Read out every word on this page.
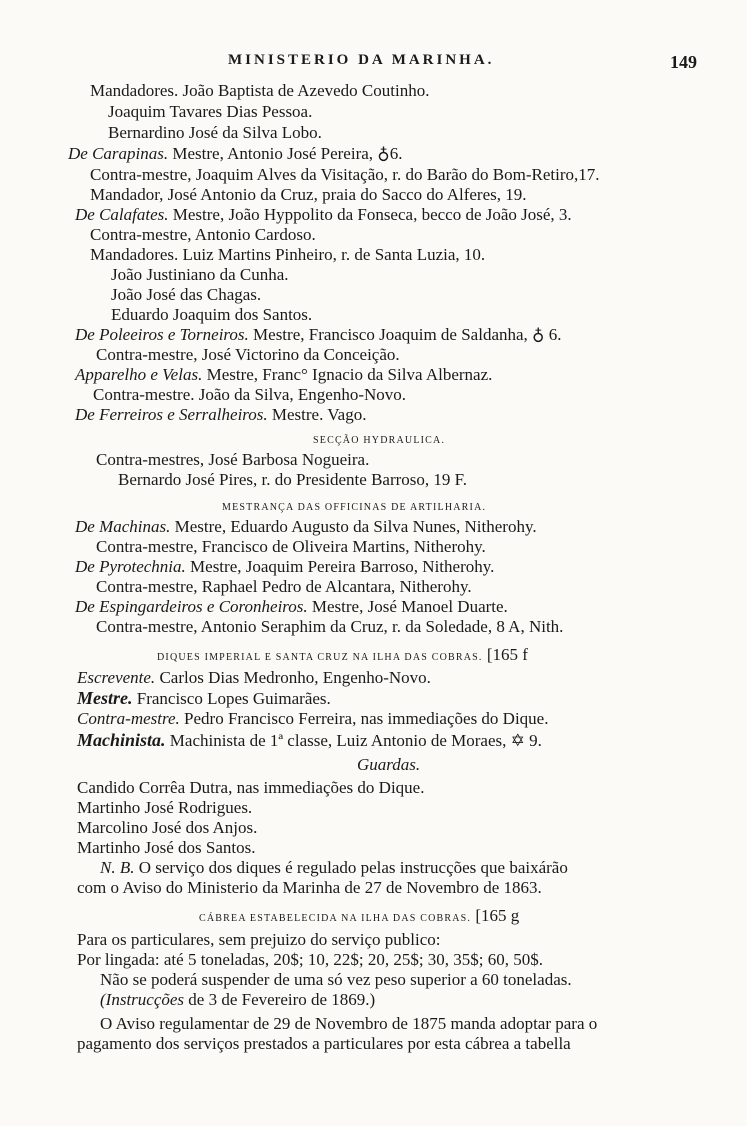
MINISTERIO DA MARINHA.	149
Mandadores. João Baptista de Azevedo Coutinho.
Joaquim Tavares Dias Pessoa.
Bernardino José da Silva Lobo.
De Carapinas. Mestre, Antonio José Pereira, ♁6.
Contra-mestre, Joaquim Alves da Visitação, r. do Barão do Bom-Retiro,17.
Mandador, José Antonio da Cruz, praia do Sacco do Alferes, 19.
De Calafates. Mestre, João Hyppolito da Fonseca, becco de João José, 3.
Contra-mestre, Antonio Cardoso.
Mandadores. Luiz Martins Pinheiro, r. de Santa Luzia, 10.
João Justiniano da Cunha.
João José das Chagas.
Eduardo Joaquim dos Santos.
De Poleeiros e Torneiros. Mestre, Francisco Joaquim de Saldanha, ♁ 6.
Contra-mestre, José Victorino da Conceição.
Apparelho e Velas. Mestre, Franc° Ignacio da Silva Albernaz.
Contra-mestre. João da Silva, Engenho-Novo.
De Ferreiros e Serralheiros. Mestre. Vago.
SECÇÃO HYDRAULICA.
Contra-mestres, José Barbosa Nogueira.
Bernardo José Pires, r. do Presidente Barroso, 19 F.
MESTRANÇA DAS OFFICINAS DE ARTILHARIA.
De Machinas. Mestre, Eduardo Augusto da Silva Nunes, Nitherohy.
Contra-mestre, Francisco de Oliveira Martins, Nitherohy.
De Pyrotechnia. Mestre, Joaquim Pereira Barroso, Nitherohy.
Contra-mestre, Raphael Pedro de Alcantara, Nitherohy.
De Espingardeiros e Coronheiros. Mestre, José Manoel Duarte.
Contra-mestre, Antonio Seraphim da Cruz, r. da Soledade, 8 A, Nith.
DIQUES IMPERIAL E SANTA CRUZ NA ILHA DAS COBRAS. [165 f
Escrevente. Carlos Dias Medronho, Engenho-Novo.
Mestre. Francisco Lopes Guimarães.
Contra-mestre. Pedro Francisco Ferreira, nas immediações do Dique.
Machinista. Machinista de 1ª classe, Luiz Antonio de Moraes, ✡ 9.
Guardas.
Candido Corrêa Dutra, nas immediações do Dique.
Martinho José Rodrigues.
Marcolino José dos Anjos.
Martinho José dos Santos.
N. B. O serviço dos diques é regulado pelas instrucções que baixárão
com o Aviso do Ministerio da Marinha de 27 de Novembro de 1863.
CÁBREA ESTABELECIDA NA ILHA DAS COBRAS. [165 g
Para os particulares, sem prejuizo do serviço publico:
Por lingada: até 5 toneladas, 20$; 10, 22$; 20, 25$; 30, 35$; 60, 50$.
Não se poderá suspender de uma só vez peso superior a 60 toneladas.
(Instrucções de 3 de Fevereiro de 1869.)
O Aviso regulamentar de 29 de Novembro de 1875 manda adoptar para o
pagamento dos serviços prestados a particulares por esta cábrea a tabella
